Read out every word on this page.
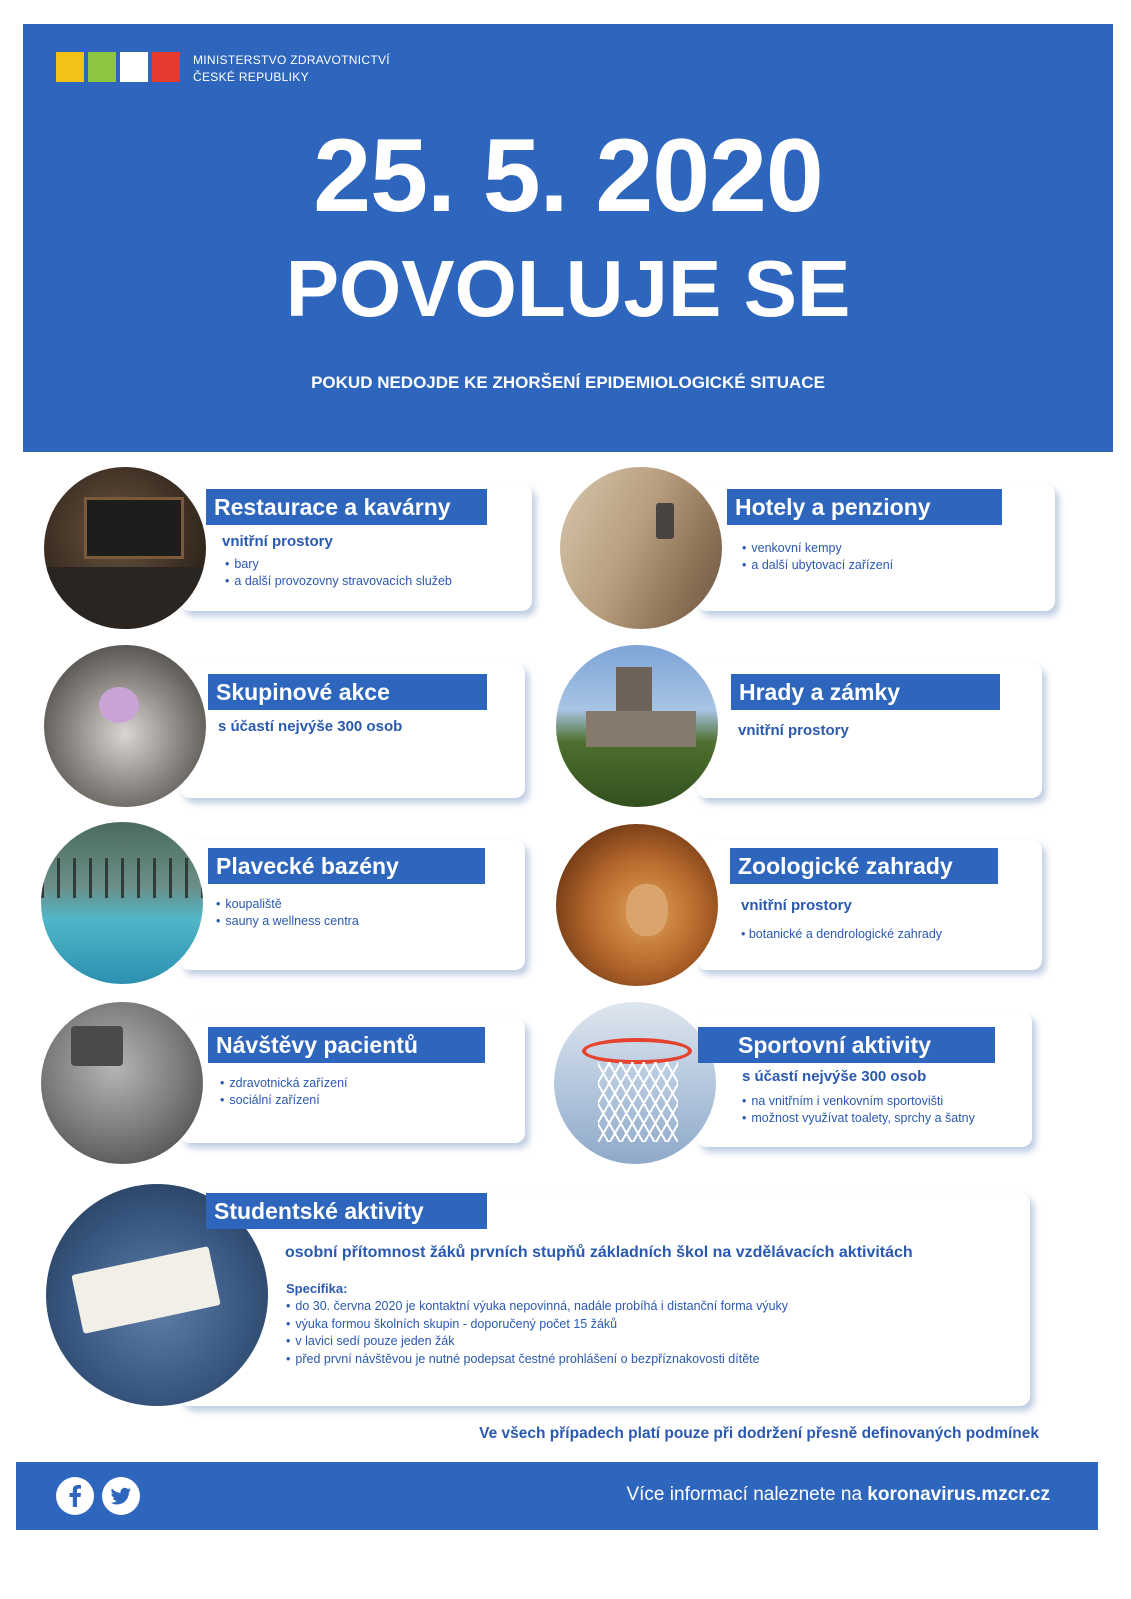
MINISTERSTVO ZDRAVOTNICTVÍ
ČESKÉ REPUBLIKY
25. 5. 2020
POVOLUJE SE
POKUD NEDOJDE KE ZHORŠENÍ EPIDEMIOLOGICKÉ SITUACE
Restaurace a kavárny
vnitřní prostory
• bary
• a další provozovny stravovacích služeb
Hotely a penziony
• venkovní kempy
• a další ubytovací zařízení
Skupinové akce
s účastí nejvýše 300 osob
Hrady a zámky
vnitřní prostory
Plavecké bazény
• koupaliště
• sauny a wellness centra
Zoologické zahrady
vnitřní prostory
• botanické a dendrologické zahrady
Návštěvy pacientů
• zdravotnická zařízení
• sociální zařízení
Sportovní aktivity
s účastí nejvýše 300 osob
• na vnitřním i venkovním sportovišti
• možnost využívat toalety, sprchy a šatny
Studentské aktivity
osobní přítomnost žáků prvních stupňů základních škol na vzdělávacích aktivitách
Specifika:
• do 30. června 2020 je kontaktní výuka nepovinná, nadále probíhá i distanční forma výuky
• výuka formou školních skupin - doporučený počet 15 žáků
• v lavici sedí pouze jeden žák
• před první návštěvou je nutné podepsat čestné prohlášení o bezpříznakovosti dítěte
Ve všech případech platí pouze při dodržení přesně definovaných podmínek
Více informací naleznete na koronavirus.mzcr.cz
